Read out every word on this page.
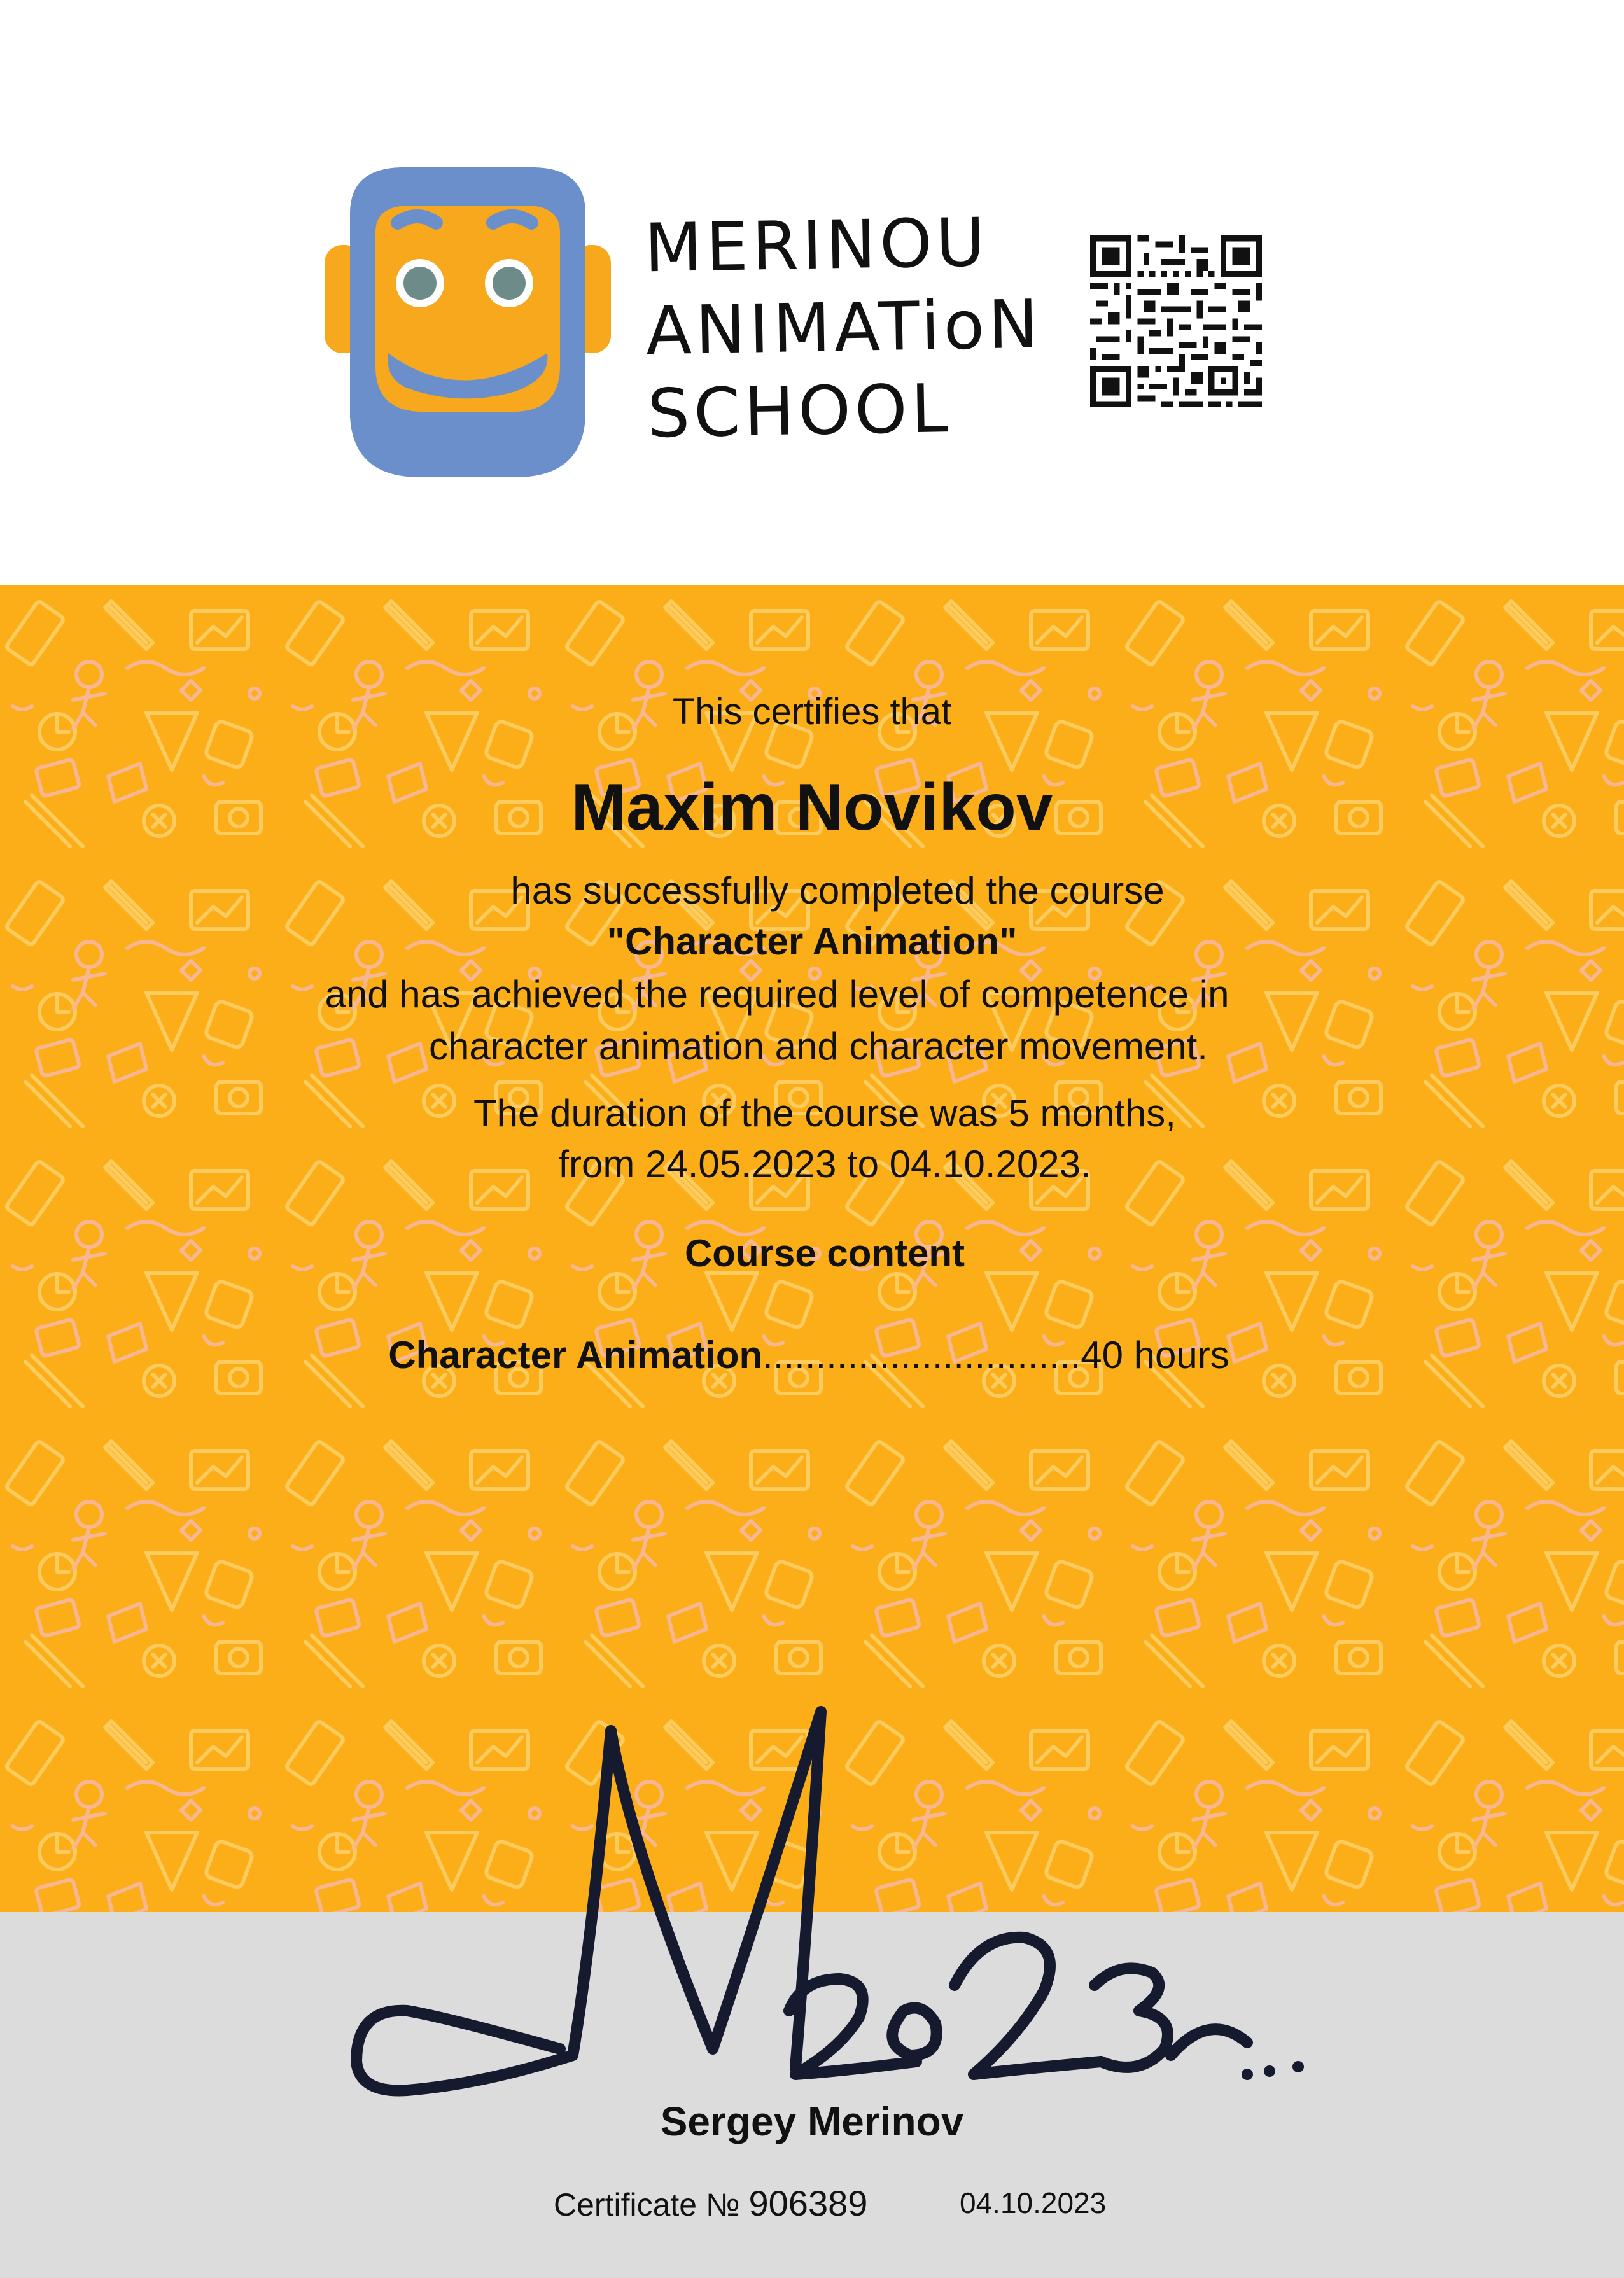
MERINOU
ANIMATioN
SCHOOL
This certifies that
Maxim Novikov
has successfully completed the course
"Character Animation"
and has achieved the required level of competence in
character animation and character movement.
The duration of the course was 5 months,
from 24.05.2023 to 04.10.2023.
Course content
Character Animation..............................40 hours
Sergey Merinov
Certificate № 906389	04.10.2023
